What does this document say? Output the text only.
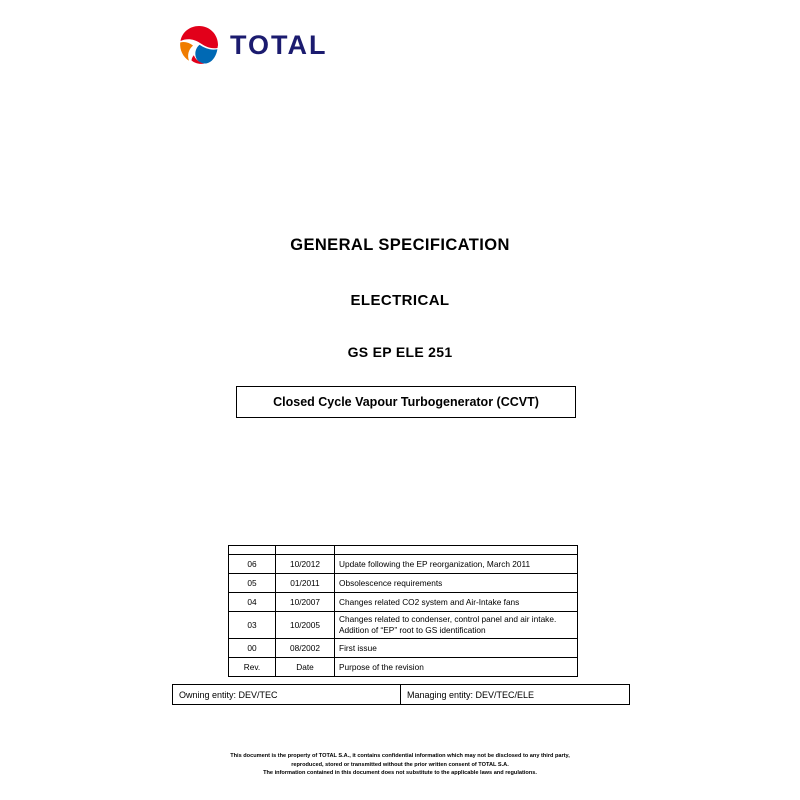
TOTAL
GENERAL SPECIFICATION
ELECTRICAL
GS EP ELE 251
Closed Cycle Vapour Turbogenerator (CCVT)

06	10/2012	Update following the EP reorganization, March 2011
05	01/2011	Obsolescence requirements
04	10/2007	Changes related CO2 system and Air-Intake fans
03	10/2005	Changes related to condenser, control panel and air intake.
Addition of “EP” root to GS identification

00	08/2002	First issue
Rev.	Date	Purpose of the revision
Owning entity: DEV/TEC	Managing entity: DEV/TEC/ELE
This document is the property of TOTAL S.A., it contains confidential information which may not be disclosed to any third party,
reproduced, stored or transmitted without the prior written consent of TOTAL S.A.
The information contained in this document does not substitute to the applicable laws and regulations.
